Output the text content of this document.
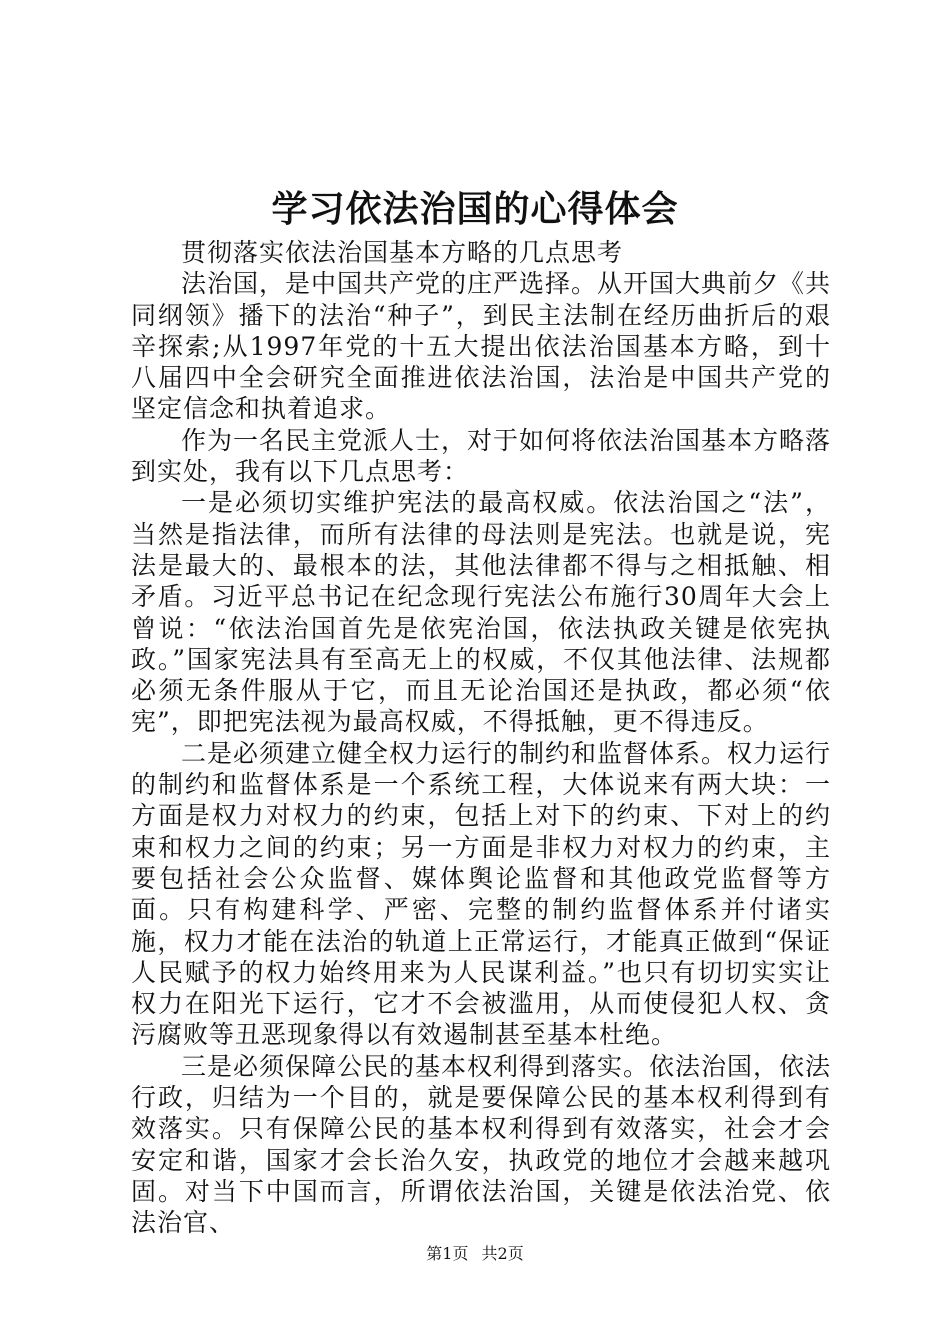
学习依法治国的心得体会

贯彻落实依法治国基本方略的几点思考

法治国，是中国共产党的庄严选择。从开国大典前夕《共同纲领》播下的法治“种子”，到民主法制在经历曲折后的艰辛探索;从1997年党的十五大提出依法治国基本方略，到十八届四中全会研究全面推进依法治国，法治是中国共产党的坚定信念和执着追求。

作为一名民主党派人士，对于如何将依法治国基本方略落到实处，我有以下几点思考：

一是必须切实维护宪法的最高权威。依法治国之“法”，当然是指法律，而所有法律的母法则是宪法。也就是说，宪法是最大的、最根本的法，其他法律都不得与之相抵触、相矛盾。习近平总书记在纪念现行宪法公布施行30周年大会上曾说：“依法治国首先是依宪治国，依法执政关键是依宪执政。”国家宪法具有至高无上的权威，不仅其他法律、法规都必须无条件服从于它，而且无论治国还是执政，都必须“依宪”，即把宪法视为最高权威，不得抵触，更不得违反。

二是必须建立健全权力运行的制约和监督体系。权力运行的制约和监督体系是一个系统工程，大体说来有两大块：一方面是权力对权力的约束，包括上对下的约束、下对上的约束和权力之间的约束；另一方面是非权力对权力的约束，主要包括社会公众监督、媒体舆论监督和其他政党监督等方面。只有构建科学、严密、完整的制约监督体系并付诸实施，权力才能在法治的轨道上正常运行，才能真正做到“保证人民赋予的权力始终用来为人民谋利益。”也只有切切实实让权力在阳光下运行，它才不会被滥用，从而使侵犯人权、贪污腐败等丑恶现象得以有效遏制甚至基本杜绝。

三是必须保障公民的基本权利得到落实。依法治国，依法行政，归结为一个目的，就是要保障公民的基本权利得到有效落实。只有保障公民的基本权利得到有效落实，社会才会安定和谐，国家才会长治久安，执政党的地位才会越来越巩固。对当下中国而言，所谓依法治国，关键是依法治党、依法治官、

第1页 共2页
